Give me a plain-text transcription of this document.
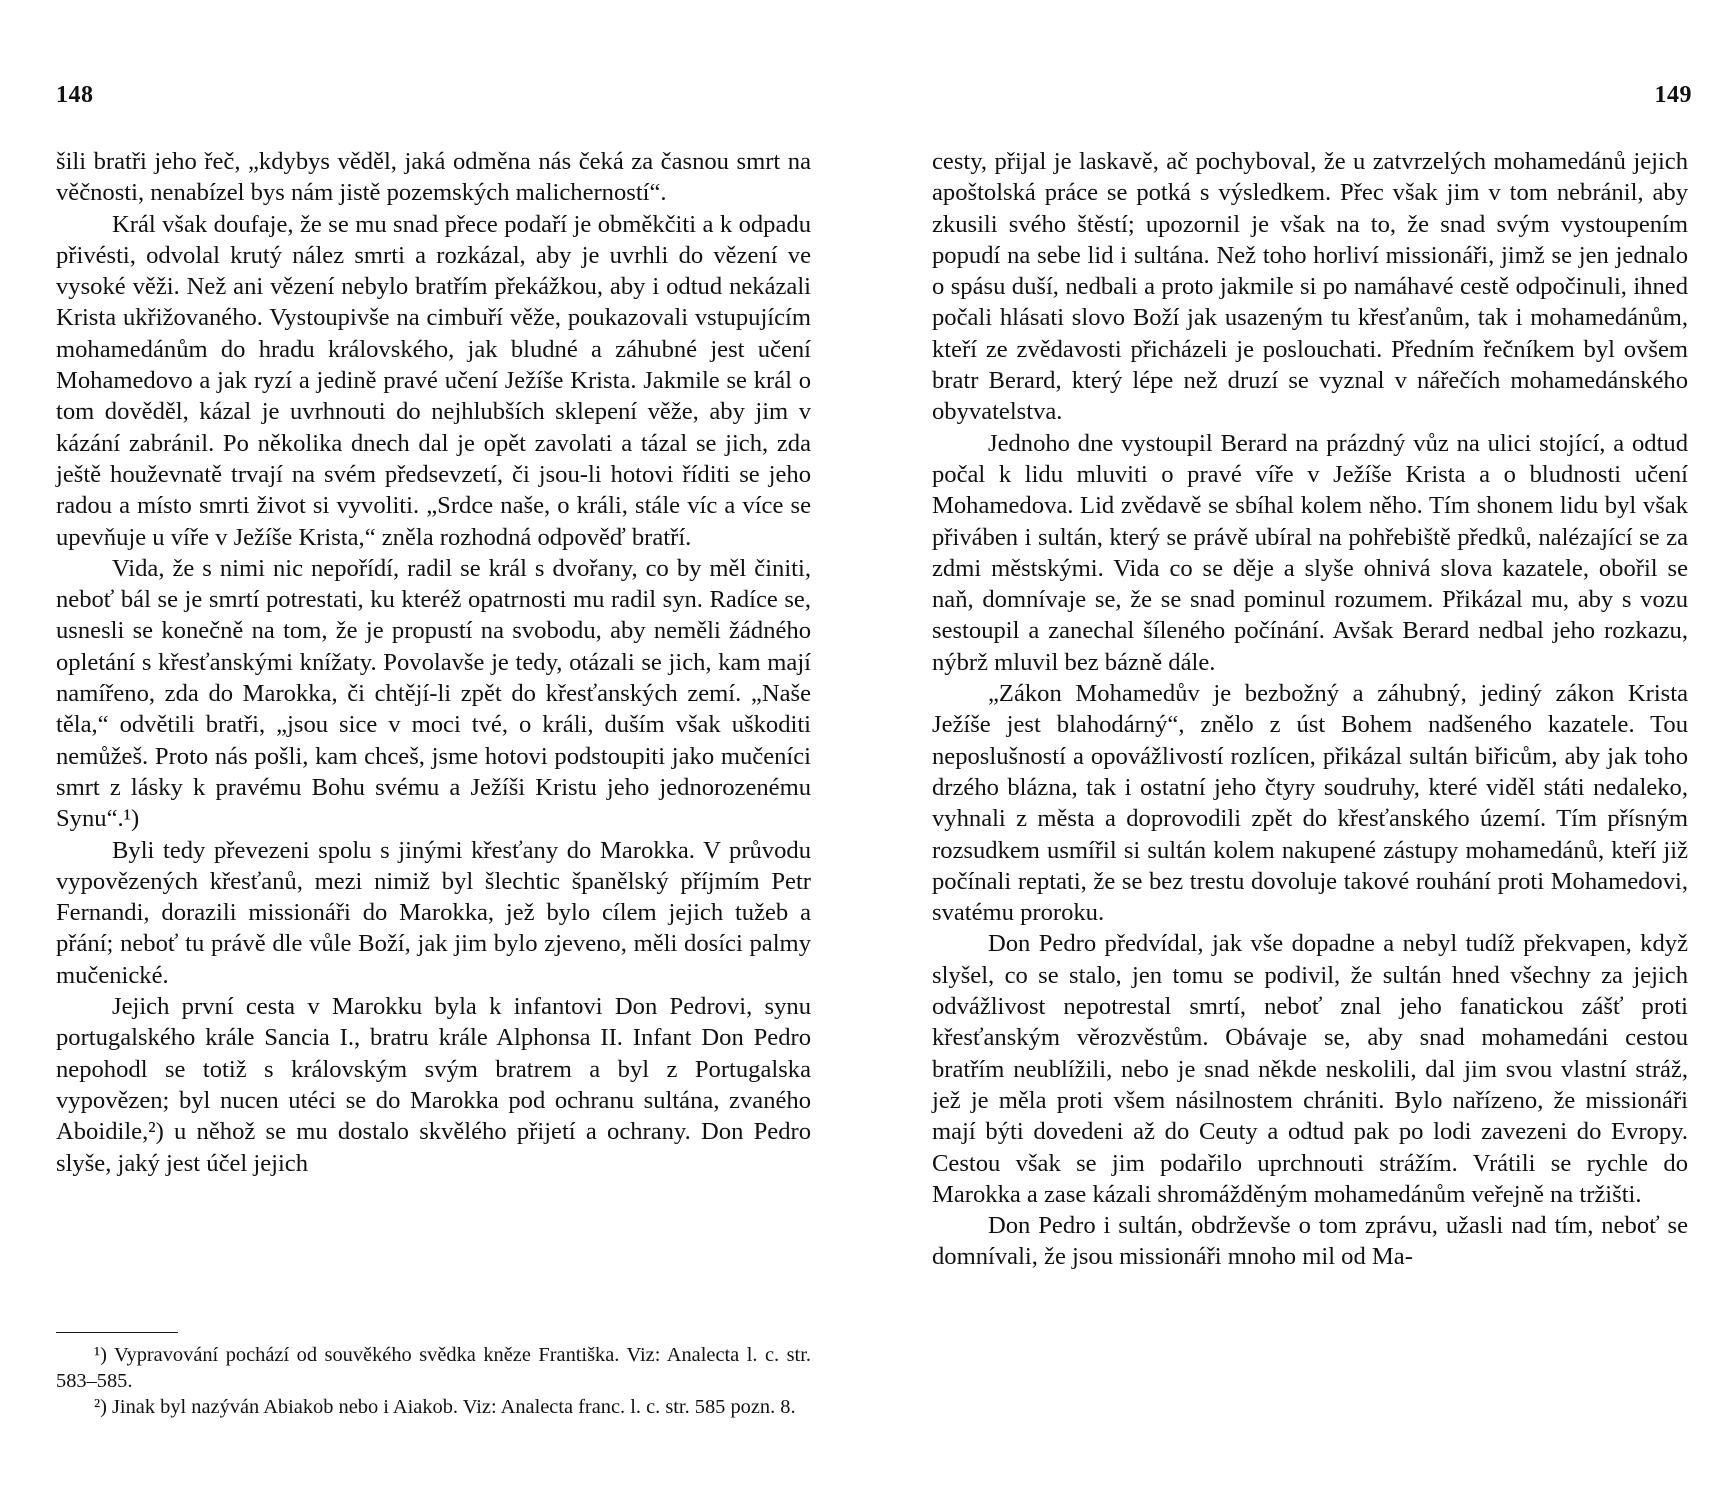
148

šili bratři jeho řeč, „kdybys věděl, jaká odměna nás čeká za časnou smrt na věčnosti, nenabízel bys nám jistě pozemských malicherností“.

Král však doufaje, že se mu snad přece podaří je obměkčiti a k odpadu přivésti, odvolal krutý nález smrti a rozkázal, aby je uvrhli do vězení ve vysoké věži. Než ani vězení nebylo bratřím překážkou, aby i odtud nekázali Krista ukřižovaného. Vystoupivše na cimbuří věže, poukazovali vstupujícím mohamedánům do hradu královského, jak bludné a záhubné jest učení Mohamedovo a jak ryzí a jedině pravé učení Ježíše Krista. Jakmile se král o tom dověděl, kázal je uvrhnouti do nejhlubších sklepení věže, aby jim v kázání zabránil. Po několika dnech dal je opět zavolati a tázal se jich, zda ještě houževnatě trvají na svém předsevzetí, či jsou-li hotovi říditi se jeho radou a místo smrti život si vyvoliti. „Srdce naše, o králi, stále víc a více se upevňuje u víře v Ježíše Krista,“ zněla rozhodná odpověď bratří.

Vida, že s nimi nic nepořídí, radil se král s dvořany, co by měl činiti, neboť bál se je smrtí potrestati, ku kteréž opatrnosti mu radil syn. Radíce se, usnesli se konečně na tom, že je propustí na svobodu, aby neměli žádného opletání s křesťanskými knížaty. Povolavše je tedy, otázali se jich, kam mají namířeno, zda do Marokka, či chtějí-li zpět do křesťanských zemí. „Naše těla,“ odvětili bratři, „jsou sice v moci tvé, o králi, duším však uškoditi nemůžeš. Proto nás pošli, kam chceš, jsme hotovi podstoupiti jako mučeníci smrt z lásky k pravému Bohu svému a Ježíši Kristu jeho jednorozenému Synu“.¹)

Byli tedy převezeni spolu s jinými křesťany do Marokka. V průvodu vypovězených křesťanů, mezi nimiž byl šlechtic španělský příjmím Petr Fernandi, dorazili missionáři do Marokka, jež bylo cílem jejich tužeb a přání; neboť tu právě dle vůle Boží, jak jim bylo zjeveno, měli dosíci palmy mučenické.

Jejich první cesta v Marokku byla k infantovi Don Pedrovi, synu portugalského krále Sancia I., bratru krále Alphonsa II. Infant Don Pedro nepohodl se totiž s královským svým bratrem a byl z Portugalska vypovězen; byl nucen utéci se do Marokka pod ochranu sultána, zvaného Aboidile,²) u něhož se mu dostalo skvělého přijetí a ochrany. Don Pedro slyše, jaký jest účel jejich

¹) Vypravování pochází od souvěkého svědka kněze Františka. Viz: Analecta l. c. str. 583–585.

²) Jinak byl nazýván Abiakob nebo i Aiakob. Viz: Analecta franc. l. c. str. 585 pozn. 8.

149

cesty, přijal je laskavě, ač pochyboval, že u zatvrzelých mohamedánů jejich apoštolská práce se potká s výsledkem. Přec však jim v tom nebránil, aby zkusili svého štěstí; upozornil je však na to, že snad svým vystoupením popudí na sebe lid i sultána. Než toho horliví missionáři, jimž se jen jednalo o spásu duší, nedbali a proto jakmile si po namáhavé cestě odpočinuli, ihned počali hlásati slovo Boží jak usazeným tu křesťanům, tak i mohamedánům, kteří ze zvědavosti přicházeli je poslouchati. Předním řečníkem byl ovšem bratr Berard, který lépe než druzí se vyznal v nářečích mohamedánského obyvatelstva.

Jednoho dne vystoupil Berard na prázdný vůz na ulici stojící, a odtud počal k lidu mluviti o pravé víře v Ježíše Krista a o bludnosti učení Mohamedova. Lid zvědavě se sbíhal kolem něho. Tím shonem lidu byl však přiváben i sultán, který se právě ubíral na pohřebiště předků, nalézající se za zdmi městskými. Vida co se děje a slyše ohnivá slova kazatele, obořil se naň, domnívaje se, že se snad pominul rozumem. Přikázal mu, aby s vozu sestoupil a zanechal šíleného počínání. Avšak Berard nedbal jeho rozkazu, nýbrž mluvil bez bázně dále.

„Zákon Mohamedův je bezbožný a záhubný, jediný zákon Krista Ježíše jest blahodárný“, znělo z úst Bohem nadšeného kazatele. Tou neposlušností a opovážlivostí rozlícen, přikázal sultán biřicům, aby jak toho drzého blázna, tak i ostatní jeho čtyry soudruhy, které viděl státi nedaleko, vyhnali z města a doprovodili zpět do křesťanského území. Tím přísným rozsudkem usmířil si sultán kolem nakupené zástupy mohamedánů, kteří již počínali reptati, že se bez trestu dovoluje takové rouhání proti Mohamedovi, svatému proroku.

Don Pedro předvídal, jak vše dopadne a nebyl tudíž překvapen, když slyšel, co se stalo, jen tomu se podivil, že sultán hned všechny za jejich odvážlivost nepotrestal smrtí, neboť znal jeho fanatickou zášť proti křesťanským věrozvěstům. Obávaje se, aby snad mohamedáni cestou bratřím neublížili, nebo je snad někde neskolili, dal jim svou vlastní stráž, jež je měla proti všem násilnostem chrániti. Bylo nařízeno, že missionáři mají býti dovedeni až do Ceuty a odtud pak po lodi zavezeni do Evropy. Cestou však se jim podařilo uprchnouti strážím. Vrátili se rychle do Marokka a zase kázali shromážděným mohamedánům veřejně na tržišti.

Don Pedro i sultán, obdrževše o tom zprávu, užasli nad tím, neboť se domnívali, že jsou missionáři mnoho mil od Ma-
